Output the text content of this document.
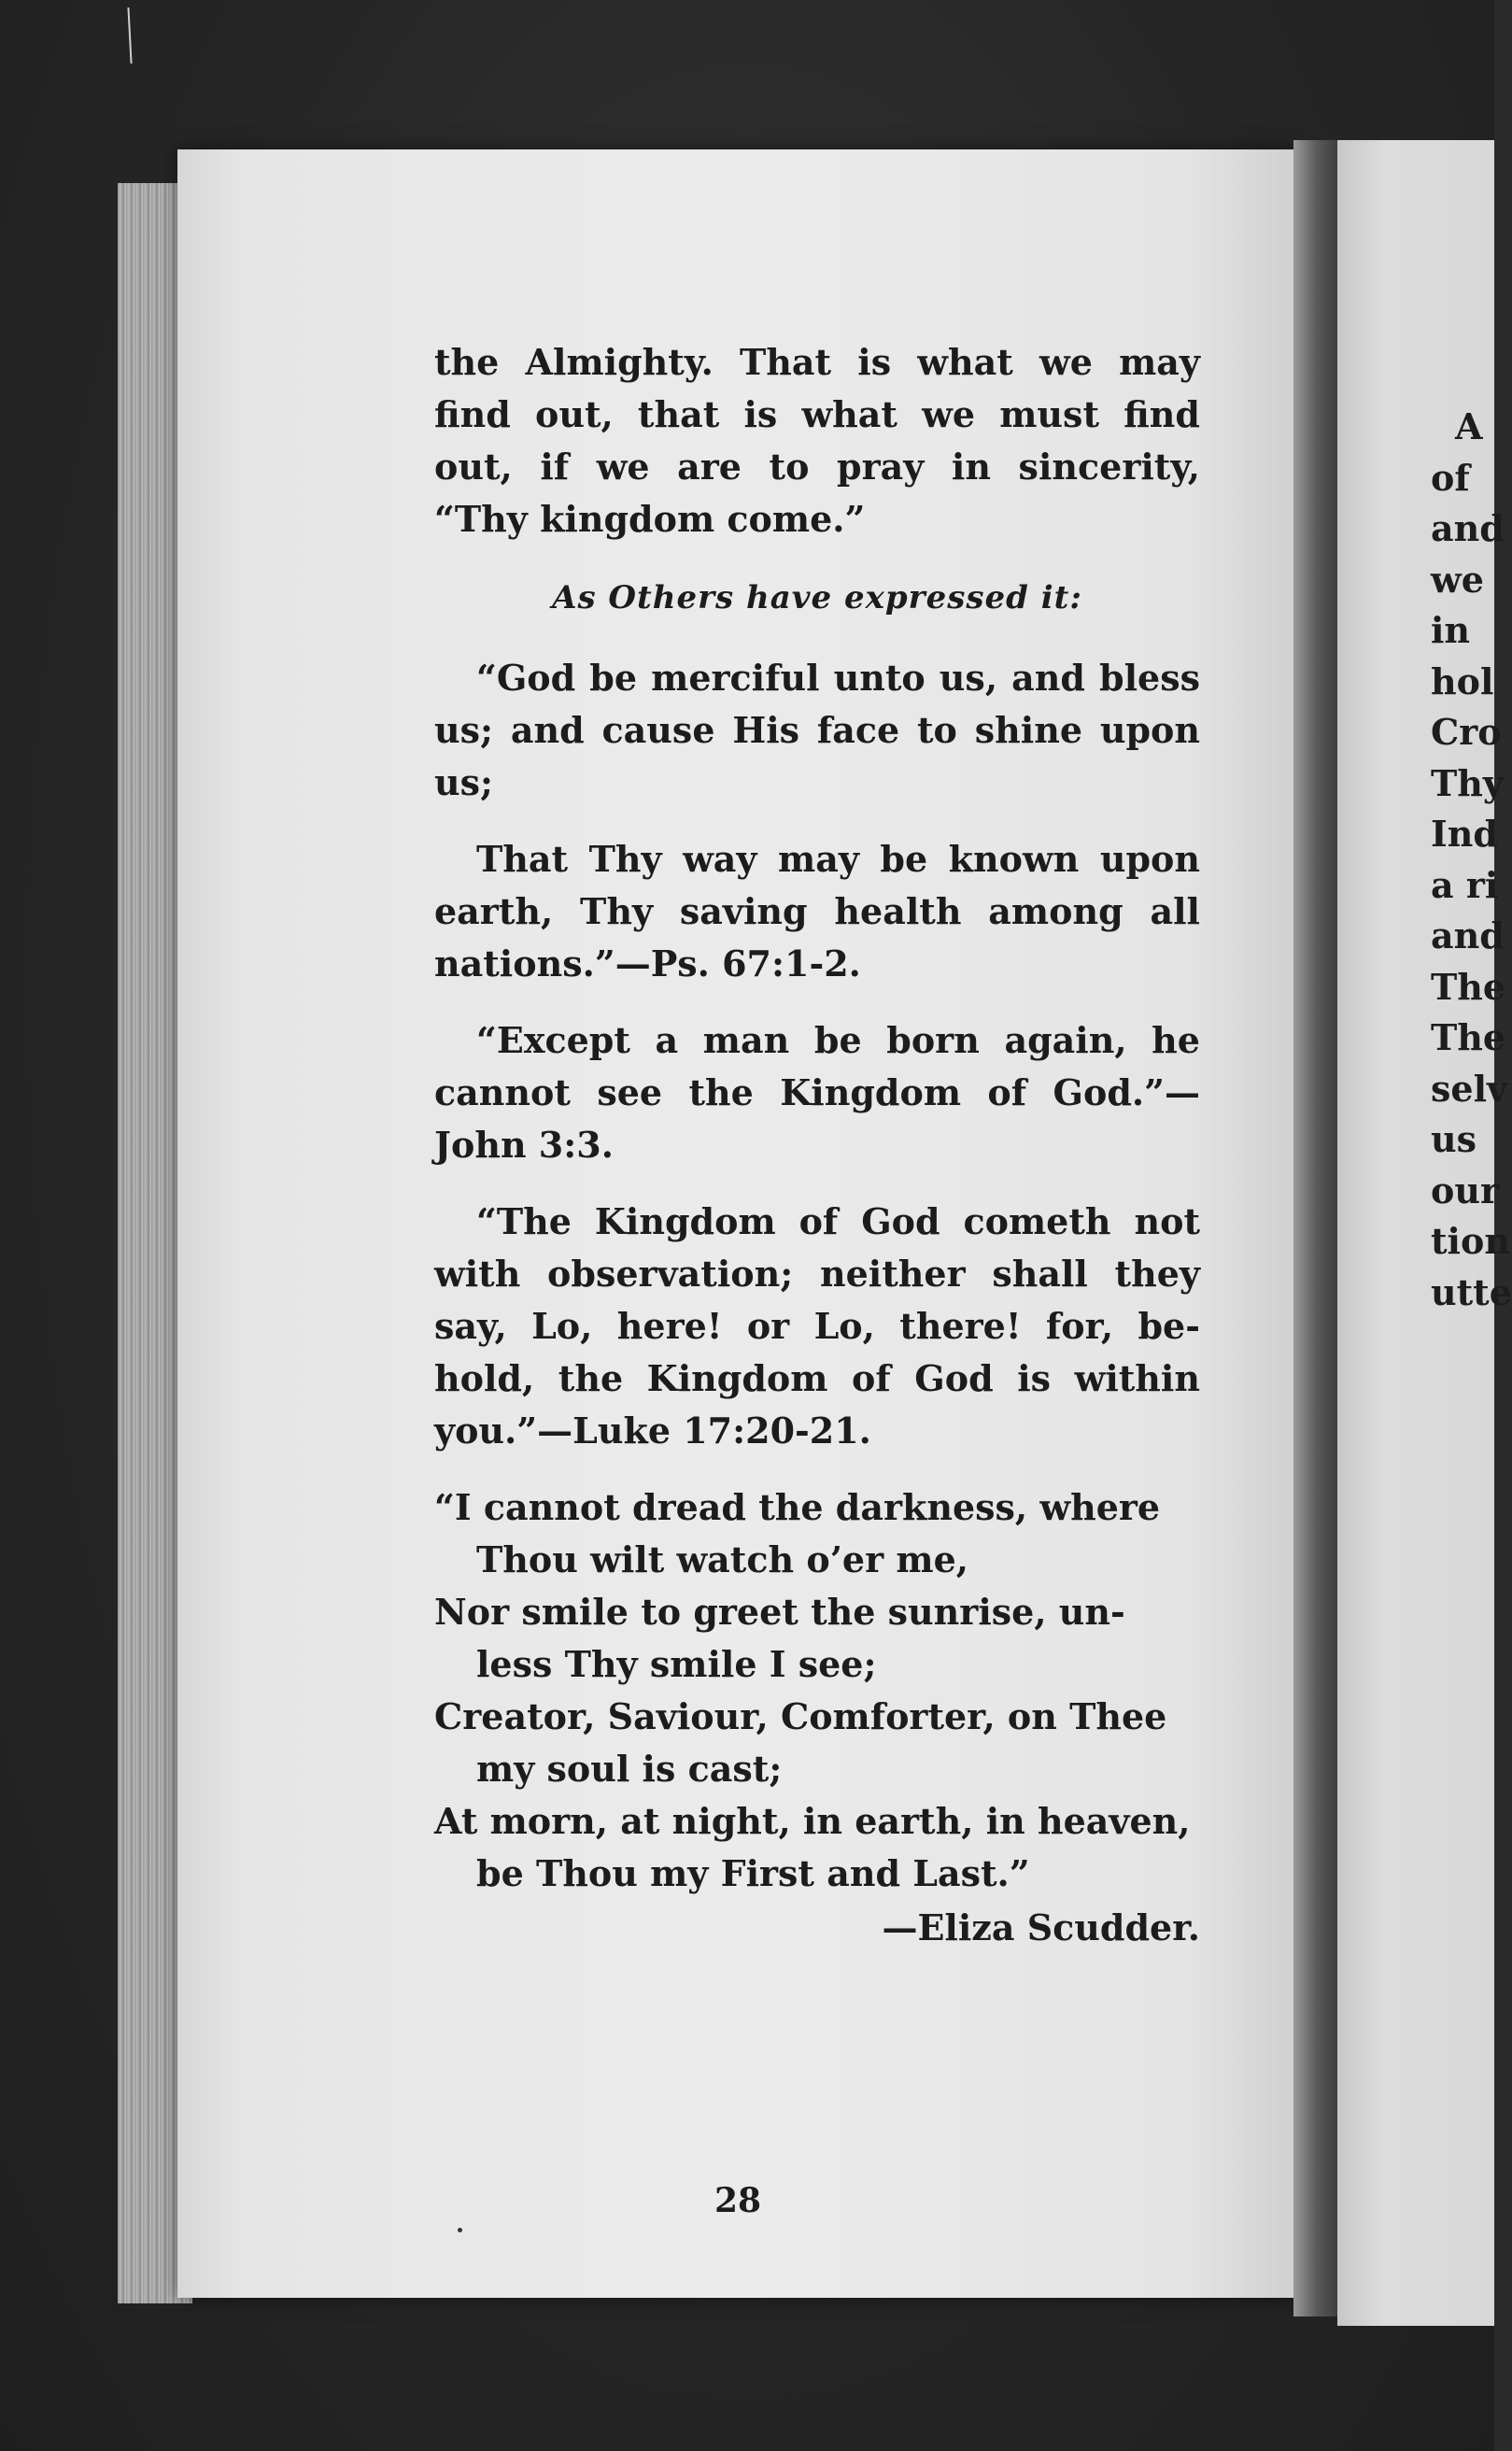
28
A
of
and
we
in
hol
Cro
Thy
Ind
a ri
and
The
The
selv
us
our
tion
utte
the Almighty. That is what we may
find out, that is what we must find
out, if we are to pray in sincerity,
“Thy kingdom come.”
As Others have expressed it:
“God be merciful unto us, and bless
us; and cause His face to shine upon
us;
That Thy way may be known upon
earth, Thy saving health among all
nations.”—Ps. 67:1-2.
“Except a man be born again, he
cannot see the Kingdom of God.”—
John 3:3.
“The Kingdom of God cometh not
with observation; neither shall they
say, Lo, here! or Lo, there! for, be-
hold, the Kingdom of God is within
you.”—Luke 17:20-21.
“I cannot dread the darkness, where
Thou wilt watch o’er me,
Nor smile to greet the sunrise, un-
less Thy smile I see;
Creator, Saviour, Comforter, on Thee
my soul is cast;
At morn, at night, in earth, in heaven,
be Thou my First and Last.”
—Eliza Scudder.
